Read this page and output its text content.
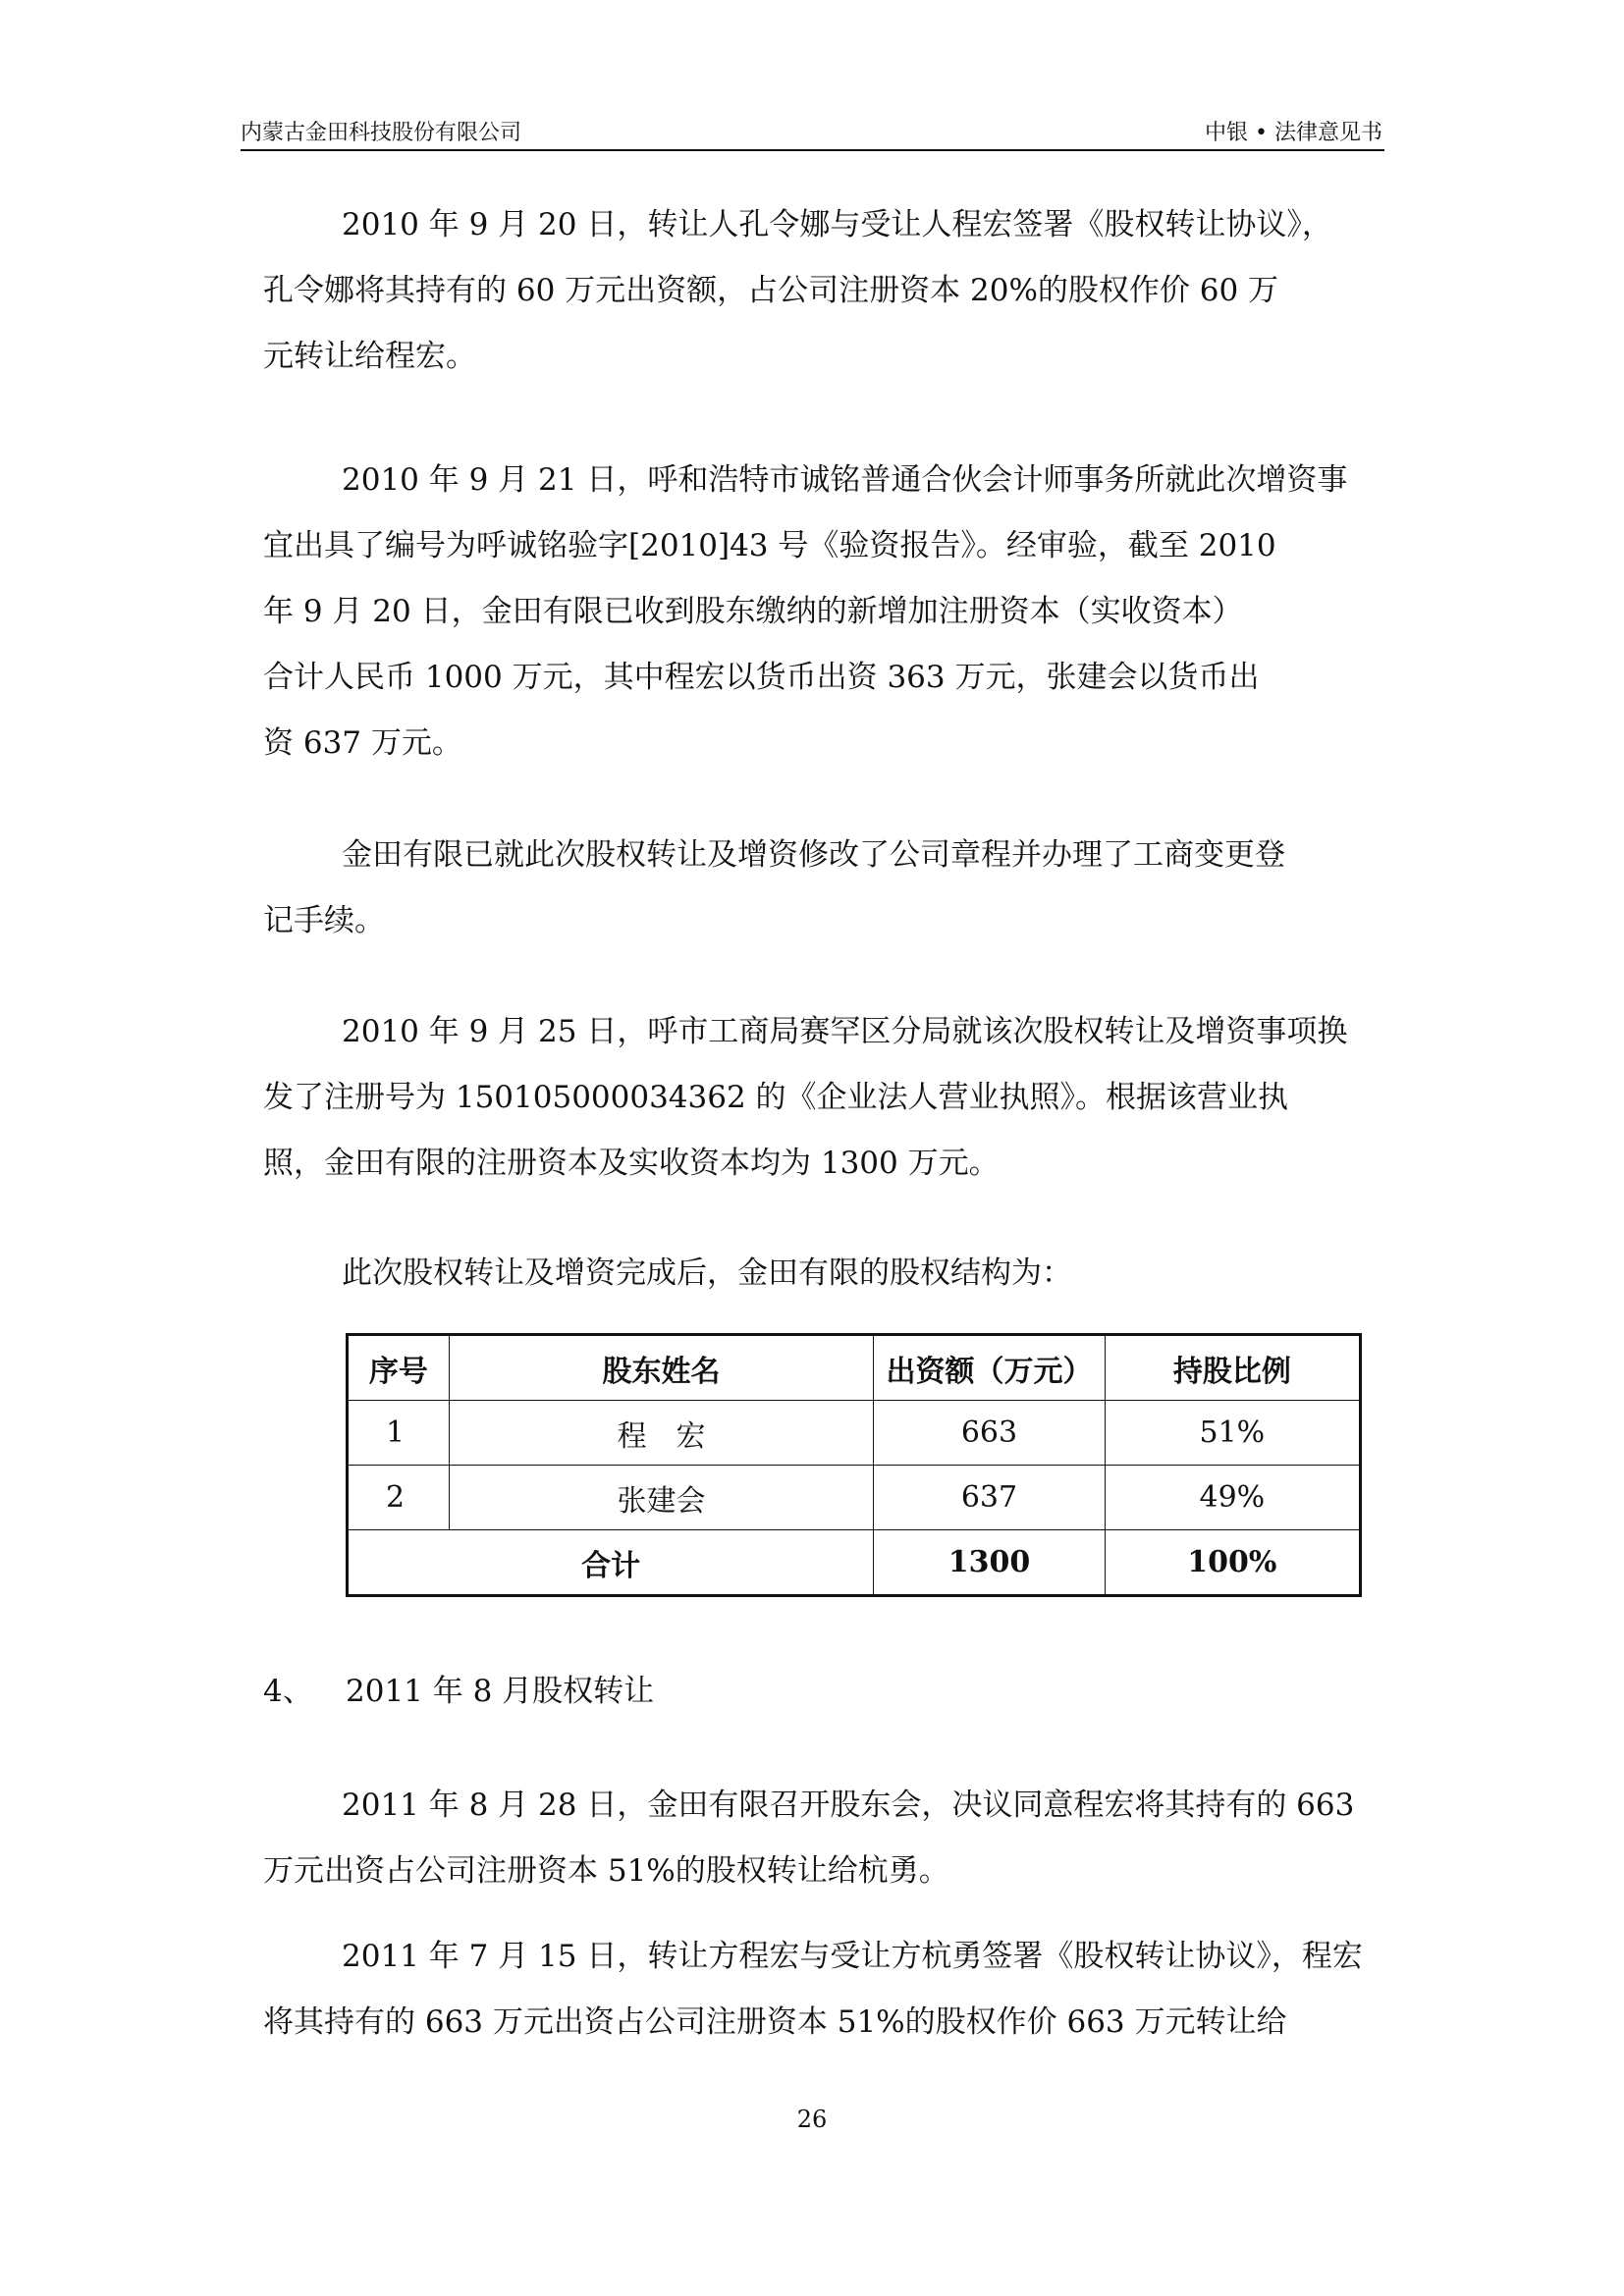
内蒙古金田科技股份有限公司	中银 • 法律意见书

2010 年 9 月 20 日，转让人孔令娜与受让人程宏签署《股权转让协议》，
孔令娜将其持有的 60 万元出资额，占公司注册资本 20%的股权作价 60 万
元转让给程宏。

2010 年 9 月 21 日，呼和浩特市诚铭普通合伙会计师事务所就此次增资事
宜出具了编号为呼诚铭验字[2010]43 号《验资报告》。经审验，截至 2010
年 9 月 20 日，金田有限已收到股东缴纳的新增加注册资本（实收资本）
合计人民币 1000 万元，其中程宏以货币出资 363 万元，张建会以货币出
资 637 万元。

金田有限已就此次股权转让及增资修改了公司章程并办理了工商变更登
记手续。

2010 年 9 月 25 日，呼市工商局赛罕区分局就该次股权转让及增资事项换
发了注册号为 150105000034362 的《企业法人营业执照》。根据该营业执
照，金田有限的注册资本及实收资本均为 1300 万元。

此次股权转让及增资完成后，金田有限的股权结构为：

序号	股东姓名	出资额（万元）	持股比例
1	程　宏	663	51%
2	张建会	637	49%
合计		1300	100%
4、 2011 年 8 月股权转让

2011 年 8 月 28 日，金田有限召开股东会，决议同意程宏将其持有的 663
万元出资占公司注册资本 51%的股权转让给杭勇。

2011 年 7 月 15 日，转让方程宏与受让方杭勇签署《股权转让协议》，程宏
将其持有的 663 万元出资占公司注册资本 51%的股权作价 663 万元转让给

26
